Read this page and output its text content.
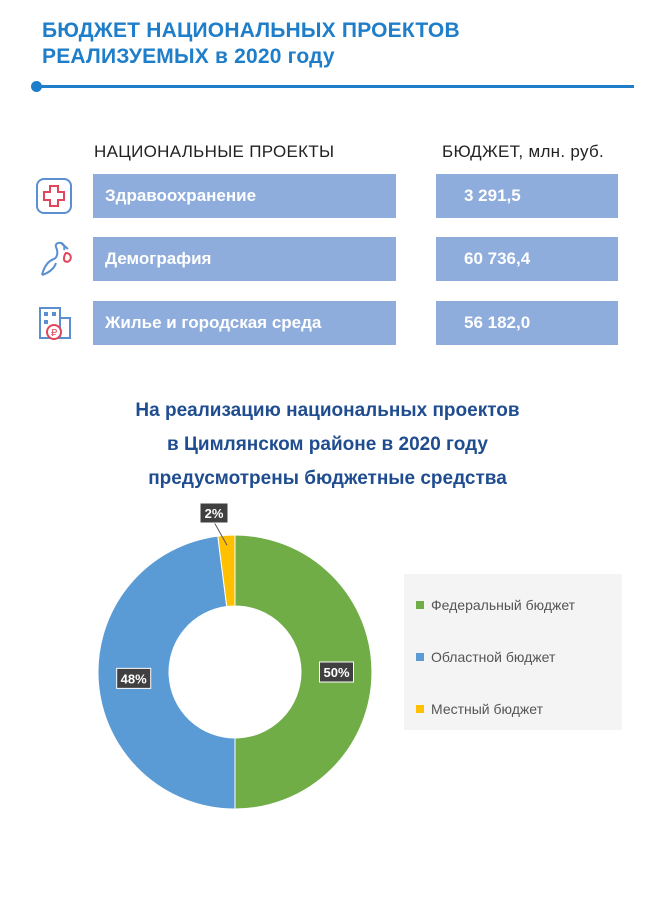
БЮДЖЕТ НАЦИОНАЛЬНЫХ ПРОЕКТОВ
РЕАЛИЗУЕМЫХ в 2020 году
НАЦИОНАЛЬНЫЕ ПРОЕКТЫ	БЮДЖЕТ, млн. руб.
Здравоохранение	3 291,5
Демография	60 736,4
₽
Жилье и городская среда	56 182,0
На реализацию национальных проектов
в Цимлянском районе в 2020 году
предусмотрены бюджетные средства
50%
48%
2%
Федеральный бюджет
Областной бюджет
Местный бюджет
